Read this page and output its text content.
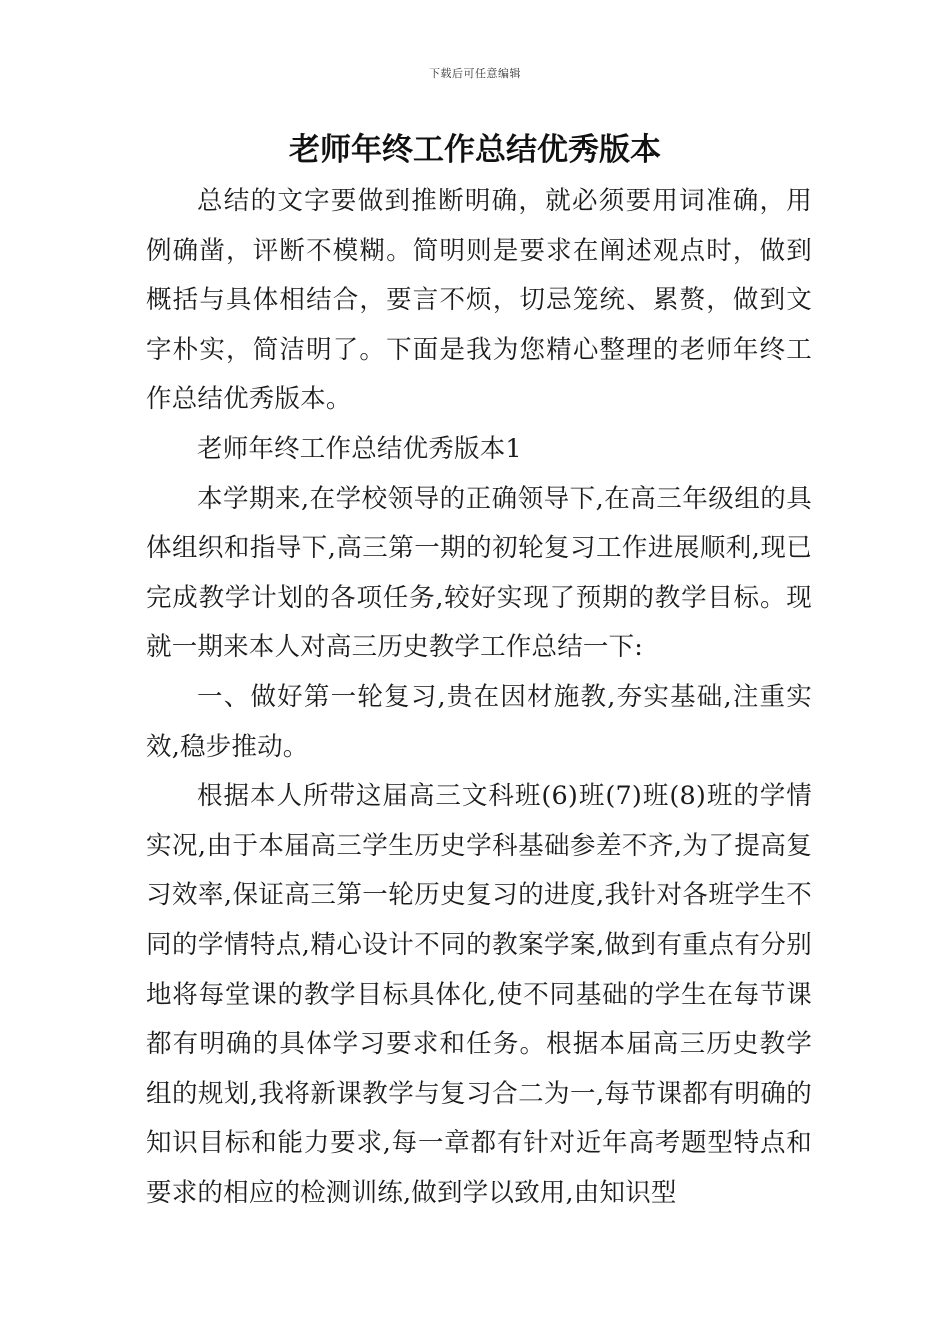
下载后可任意编辑
老师年终工作总结优秀版本

总结的文字要做到推断明确，就必须要用词准确，用例确凿，评断不模糊。简明则是要求在阐述观点时，做到概括与具体相结合，要言不烦，切忌笼统、累赘，做到文字朴实，简洁明了。下面是我为您精心整理的老师年终工作总结优秀版本。

老师年终工作总结优秀版本1

本学期来,在学校领导的正确领导下,在高三年级组的具体组织和指导下,高三第一期的初轮复习工作进展顺利,现已完成教学计划的各项任务,较好实现了预期的教学目标。现就一期来本人对高三历史教学工作总结一下:

一、做好第一轮复习,贵在因材施教,夯实基础,注重实效,稳步推动。

根据本人所带这届高三文科班(6)班(7)班(8)班的学情实况,由于本届高三学生历史学科基础参差不齐,为了提高复习效率,保证高三第一轮历史复习的进度,我针对各班学生不同的学情特点,精心设计不同的教案学案,做到有重点有分别地将每堂课的教学目标具体化,使不同基础的学生在每节课都有明确的具体学习要求和任务。根据本届高三历史教学组的规划,我将新课教学与复习合二为一,每节课都有明确的知识目标和能力要求,每一章都有针对近年高考题型特点和要求的相应的检测训练,做到学以致用,由知识型
